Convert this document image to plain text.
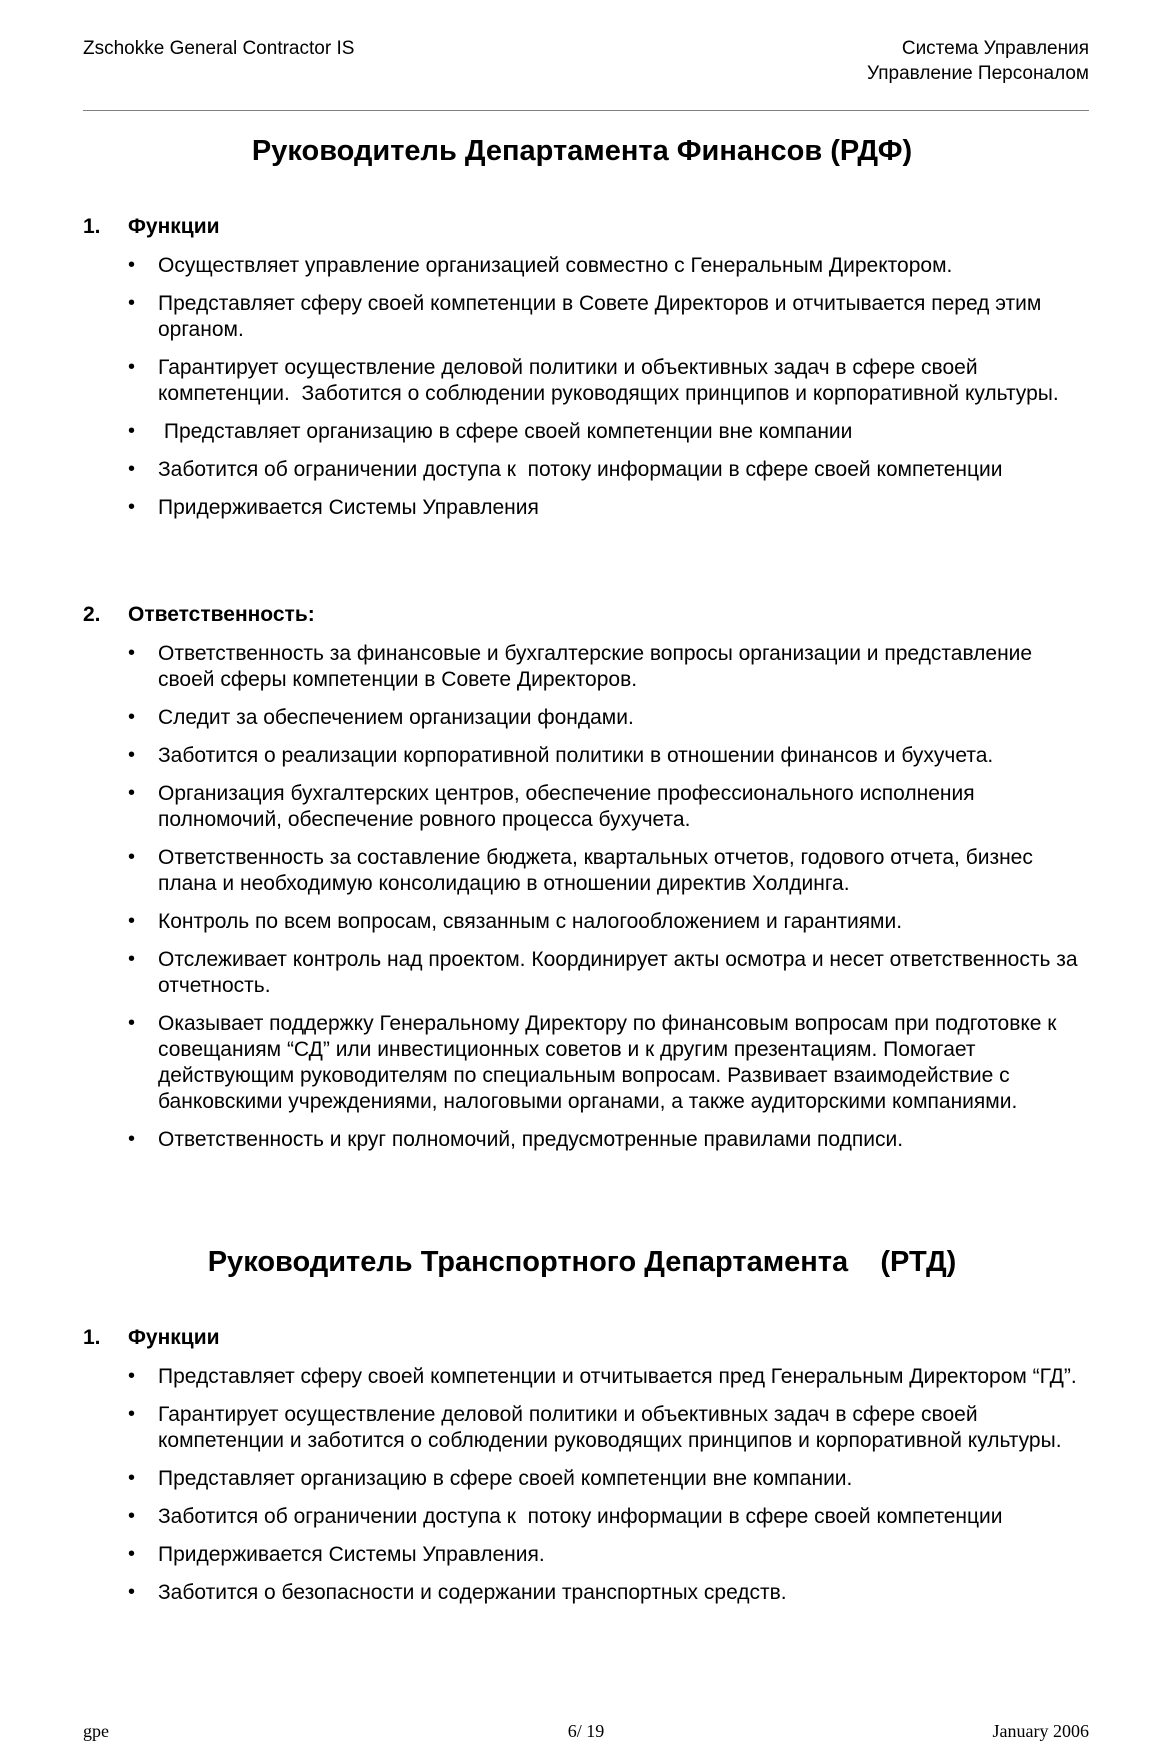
Zschokke General Contractor IS	Система Управления
Управление Персоналом
Руководитель Департамента Финансов (РДФ)
1. Функции
• Осуществляет управление организацией совместно с Генеральным Директором.
• Представляет сферу своей компетенции в Совете Директоров и отчитывается перед этим органом.
• Гарантирует осуществление деловой политики и объективных задач в сфере своей компетенции.  Заботится о соблюдении руководящих принципов и корпоративной культуры.
• Представляет организацию в сфере своей компетенции вне компании
• Заботится об ограничении доступа к  потоку информации в сфере своей компетенции
• Придерживается Системы Управления
2. Ответственность:
• Ответственность за финансовые и бухгалтерские вопросы организации и представление своей сферы компетенции в Совете Директоров.
• Следит за обеспечением организации фондами.
• Заботится о реализации корпоративной политики в отношении финансов и бухучета.
• Организация бухгалтерских центров, обеспечение профессионального исполнения полномочий, обеспечение ровного процесса бухучета.
• Ответственность за составление бюджета, квартальных отчетов, годового отчета, бизнес плана и необходимую консолидацию в отношении директив Холдинга.
• Контроль по всем вопросам, связанным с налогообложением и гарантиями.
• Отслеживает контроль над проектом. Координирует акты осмотра и несет ответственность за отчетность.
• Оказывает поддержку Генеральному Директору по финансовым вопросам при подготовке к совещаниям “СД” или инвестиционных советов и к другим презентациям. Помогает действующим руководителям по специальным вопросам. Развивает взаимодействие с банковскими учреждениями, налоговыми органами, а также аудиторскими компаниями.
• Ответственность и круг полномочий, предусмотренные правилами подписи.
Руководитель Транспортного Департамента    (РТД)
1. Функции
• Представляет сферу своей компетенции и отчитывается пред Генеральным Директором “ГД”.
• Гарантирует осуществление деловой политики и объективных задач в сфере своей компетенции и заботится о соблюдении руководящих принципов и корпоративной культуры.
• Представляет организацию в сфере своей компетенции вне компании.
• Заботится об ограничении доступа к  потоку информации в сфере своей компетенции
• Придерживается Системы Управления.
• Заботится о безопасности и содержании транспортных средств.
gpe	6/ 19	January 2006
